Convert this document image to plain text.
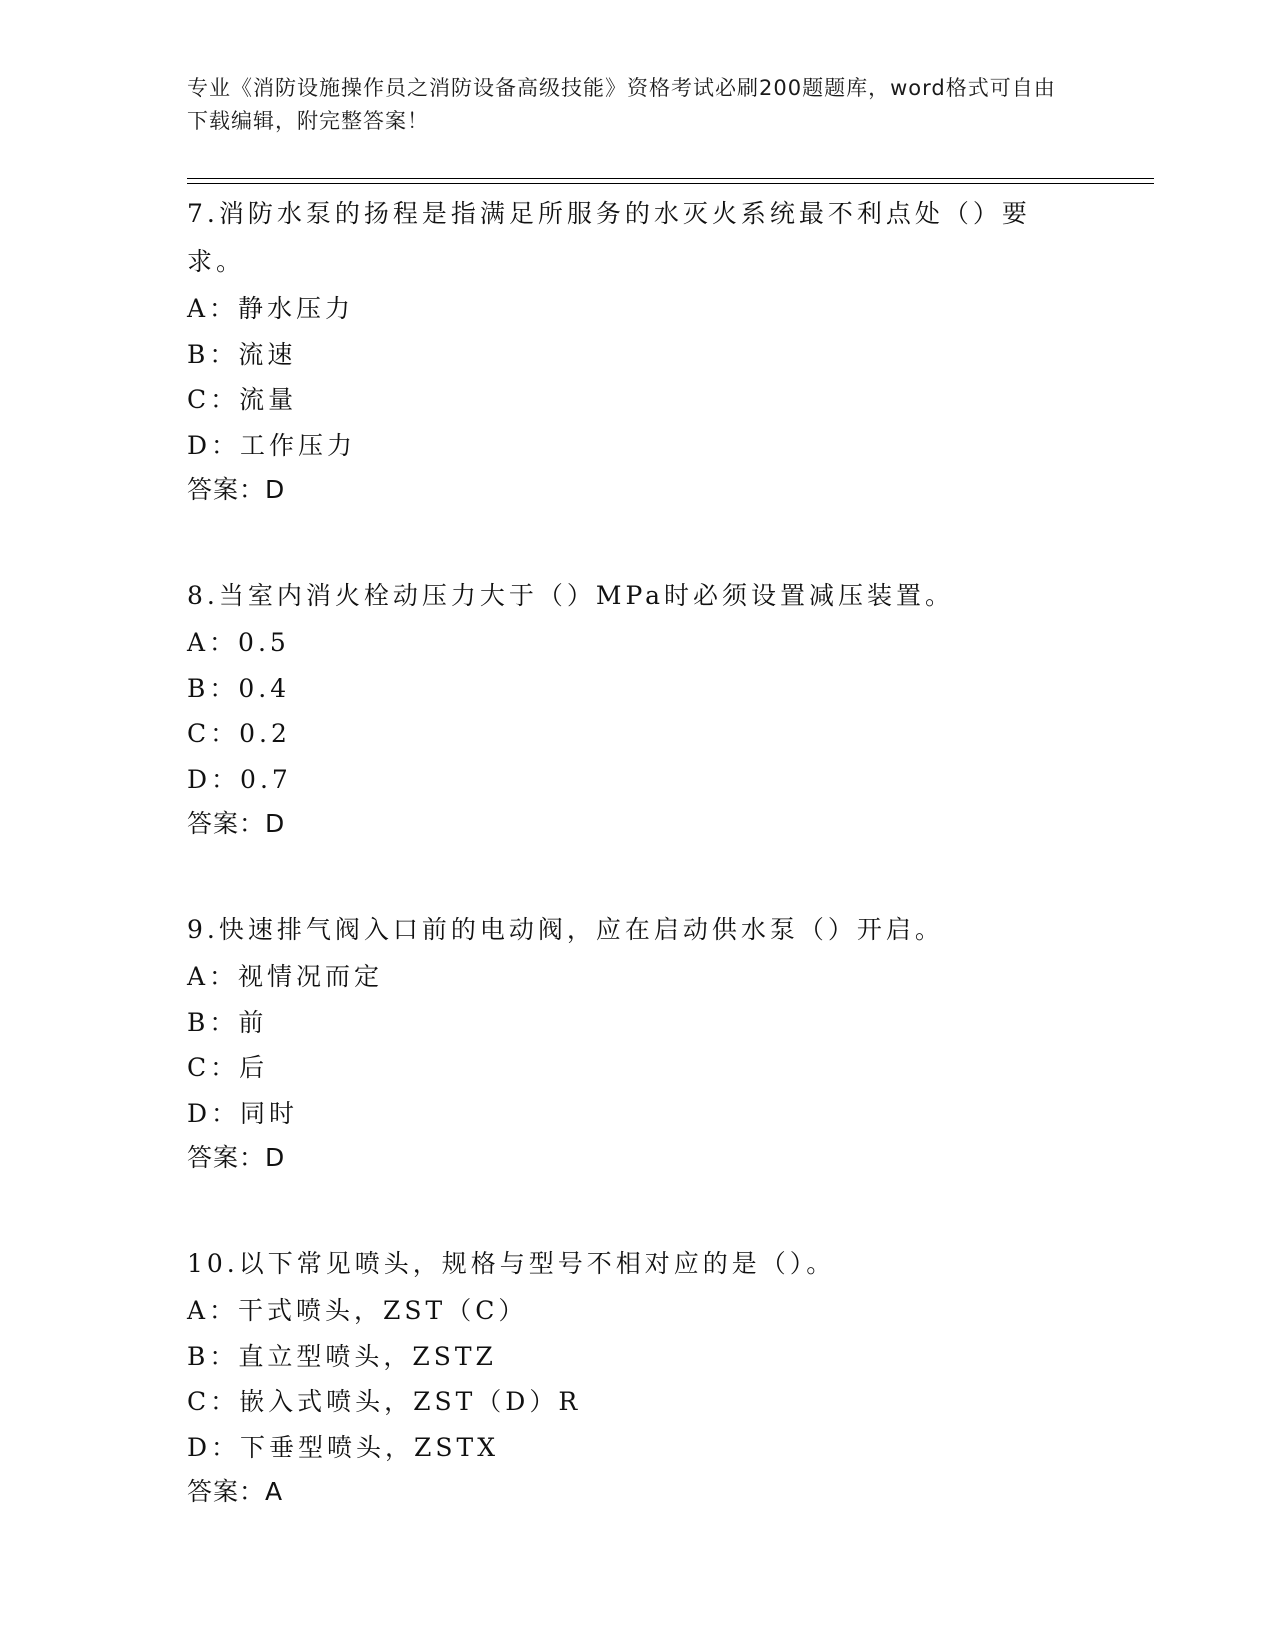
专业《消防设施操作员之消防设备高级技能》资格考试必刷200题题库，word格式可自由下载编辑，附完整答案！

7.消防水泵的扬程是指满足所服务的水灭火系统最不利点处（）要求。

A：静水压力

B：流速

C：流量

D：工作压力

答案：D

8.当室内消火栓动压力大于（）MPa时必须设置减压装置。

A：0.5

B：0.4

C：0.2

D：0.7

答案：D

9.快速排气阀入口前的电动阀，应在启动供水泵（）开启。

A：视情况而定

B：前

C：后

D：同时

答案：D

10.以下常见喷头，规格与型号不相对应的是（）。

A：干式喷头，ZST（C）

B：直立型喷头，ZSTZ

C：嵌入式喷头，ZST（D）R

D：下垂型喷头，ZSTX

答案：A
